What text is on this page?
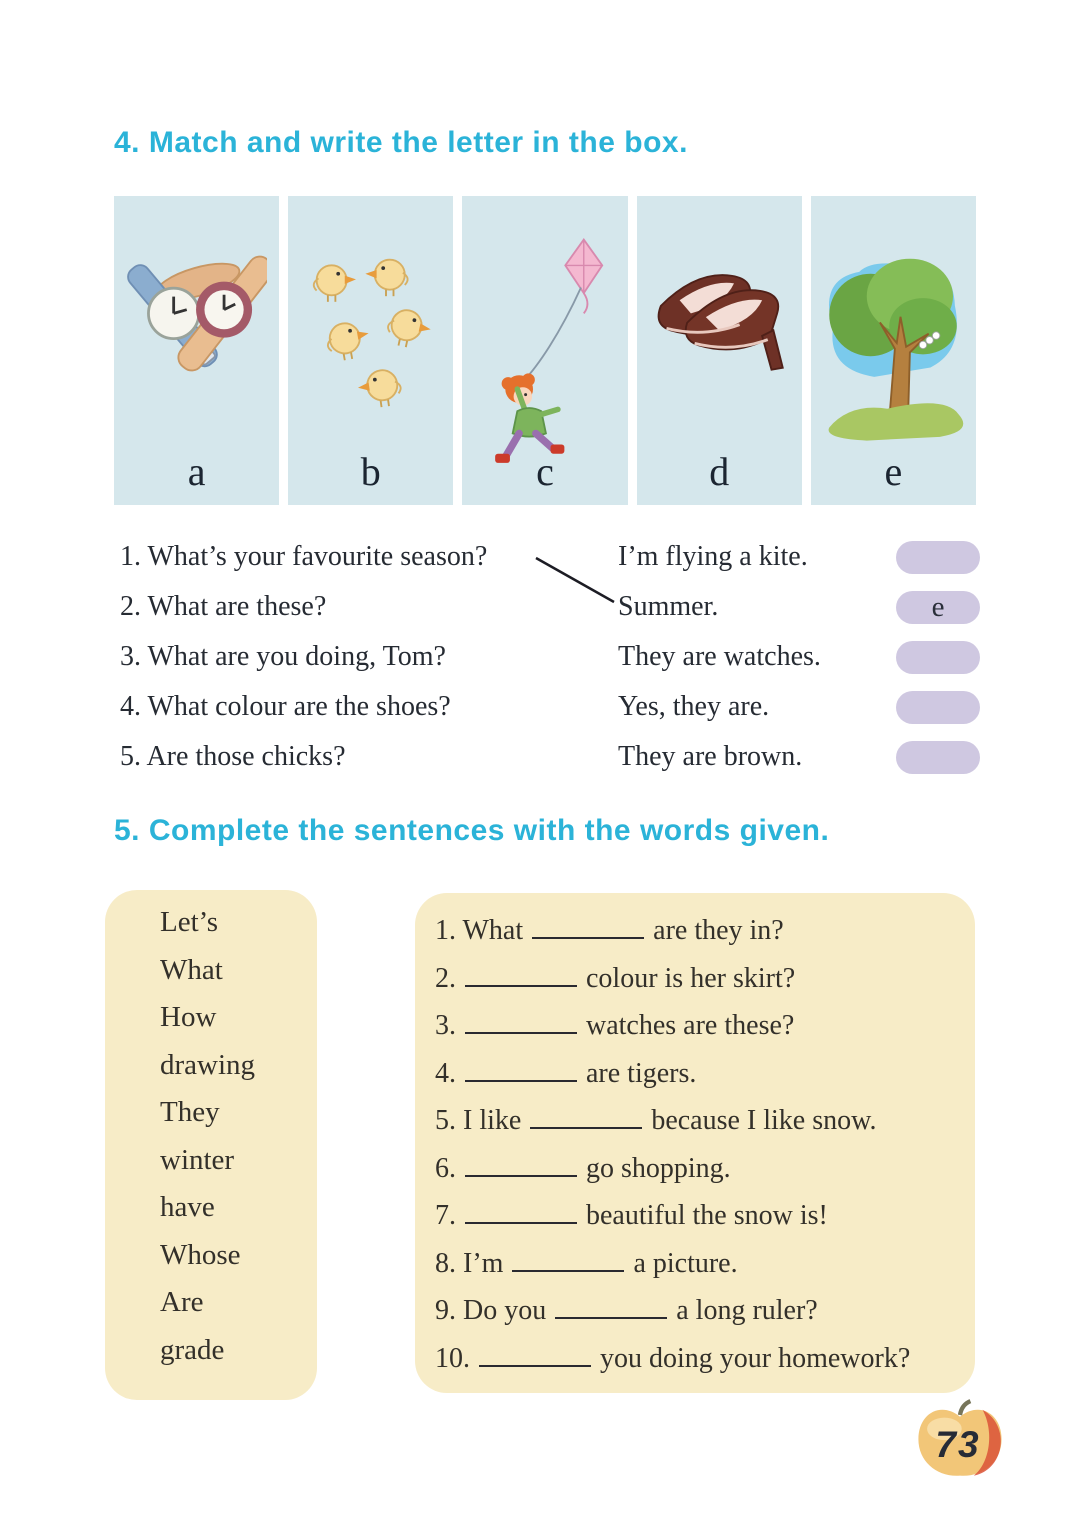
4. Match and write the letter in the box.
a	b	c	d	e
1. What’s your favourite season?	I’m flying a kite.
2. What are these?	Summer.	e
3. What are you doing, Tom?	They are watches.
4. What colour are the shoes?	Yes, they are.
5. Are those chicks?	They are brown.
5. Complete the sentences with the words given.
Let’s
What
How
drawing
They
winter
have
Whose
Are
grade
1. What	are they in?
2.	colour is her skirt?
3.	watches are these?
4.	are tigers.
5. I like	because I like snow.
6.	go shopping.
7.	beautiful the snow is!
8. I’m	a picture.
9. Do you	a long ruler?
10.	you doing your homework?
73
